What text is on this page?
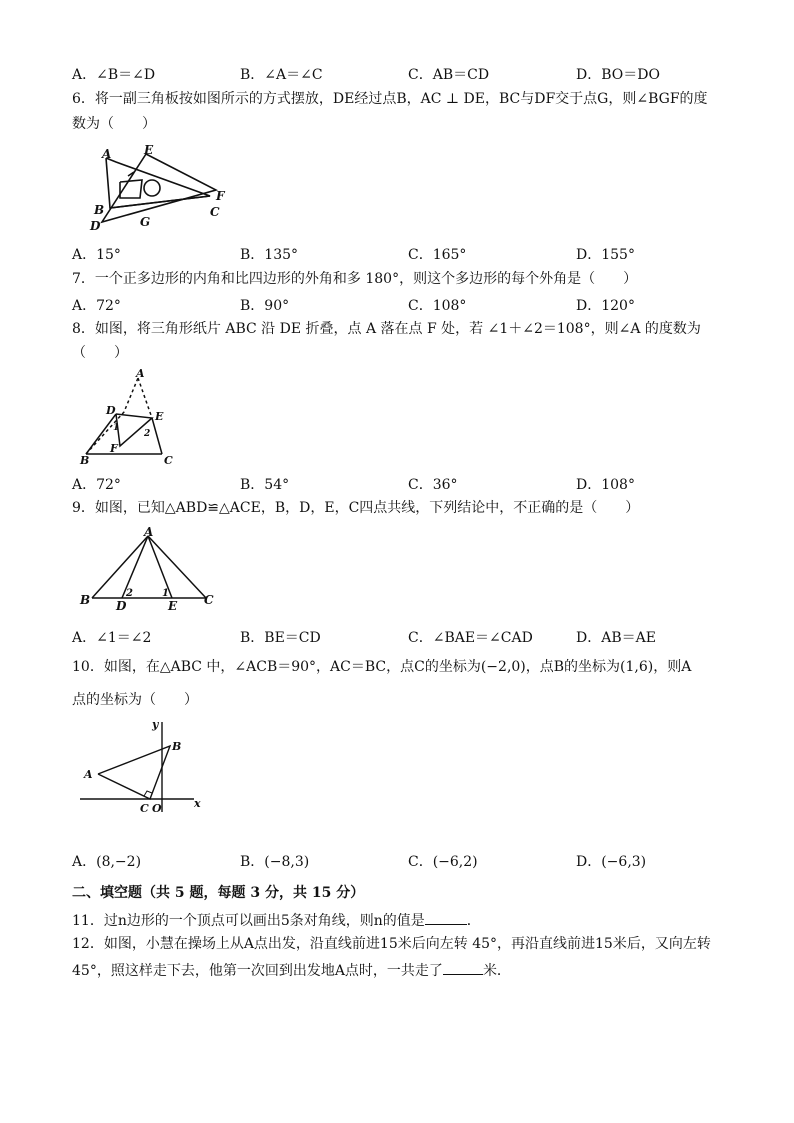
A．∠B＝∠D	B．∠A＝∠C	C．AB＝CD	D．BO＝DO
6．将一副三角板按如图所示的方式摆放，DE经过点B，AC ⊥ DE，BC与DF交于点G，则∠BGF的度
数为（　　）
A	E
F
B	C
D	G
A．15°	B．135°	C．165°	D．155°
7．一个正多边形的内角和比四边形的外角和多 180°，则这个多边形的每个外角是（　　）
A．72°	B．90°	C．108°	D．120°
8．如图，将三角形纸片 ABC 沿 DE 折叠，点 A 落在点 F 处，若 ∠1＋∠2＝108°，则∠A 的度数为
（　　）
A
D	E
1
2
F
B	C
A．72°	B．54°	C．36°	D．108°
9．如图，已知△ABD≌△ACE，B，D，E，C四点共线，下列结论中，不正确的是（　　）
A
B D
2	1
E C
A．∠1＝∠2	B．BE＝CD	C．∠BAE＝∠CAD	D．AB＝AE
10．如图，在△ABC 中，∠ACB＝90°，AC＝BC，点C的坐标为(−2,0)，点B的坐标为(1,6)，则A
点的坐标为（　　）
y
B
A
C O	x
A．(8,−2)	B．(−8,3)	C．(−6,2)	D．(−6,3)
二、填空题（共 5 题，每题 3 分，共 15 分）
11．过n边形的一个顶点可以画出5条对角线，则n的值是	．
12．如图，小慧在操场上从A点出发，沿直线前进15米后向左转 45°，再沿直线前进15米后，又向左转
45°，照这样走下去，他第一次回到出发地A点时，一共走了	米．
